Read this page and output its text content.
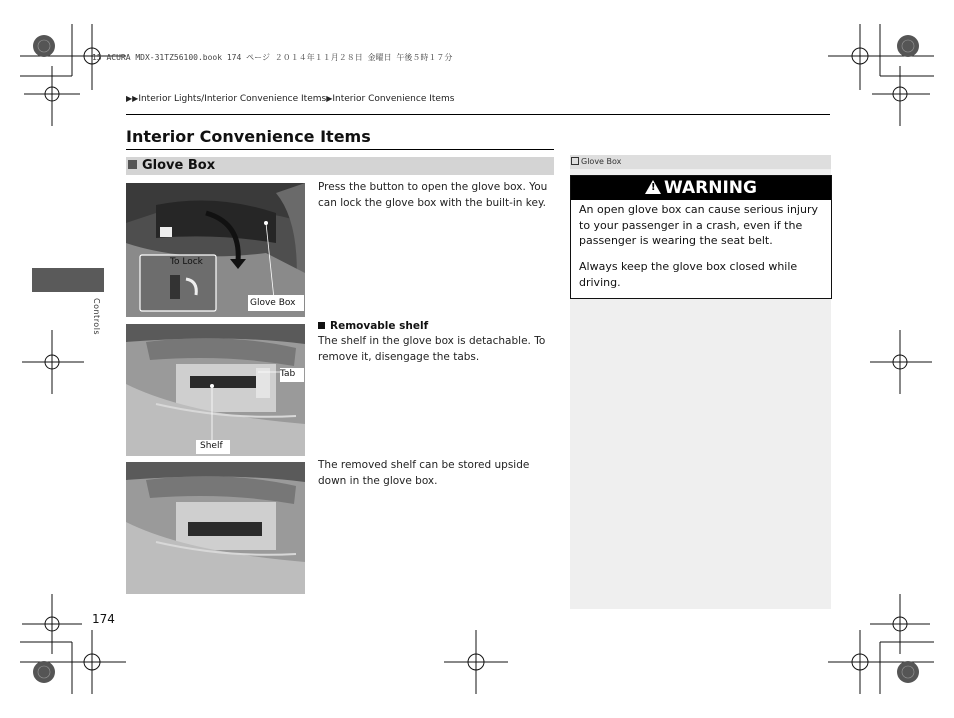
15 ACURA MDX-31TZ56100.book 174 ページ ２０１４年１１月２８日 金曜日 午後５時１７分
▶▶Interior Lights/Interior Convenience Items▶Interior Convenience Items
Interior Convenience Items
Glove Box
To Lock
Glove Box
Press the button to open the glove box. You can lock the glove box with the built-in key.
Tab
Shelf
Removable shelf
The shelf in the glove box is detachable. To remove it, disengage the tabs.
The removed shelf can be stored upside down in the glove box.
Glove Box
! WARNING
An open glove box can cause serious injury to your passenger in a crash, even if the passenger is wearing the seat belt.
Always keep the glove box closed while driving.
Controls
174
